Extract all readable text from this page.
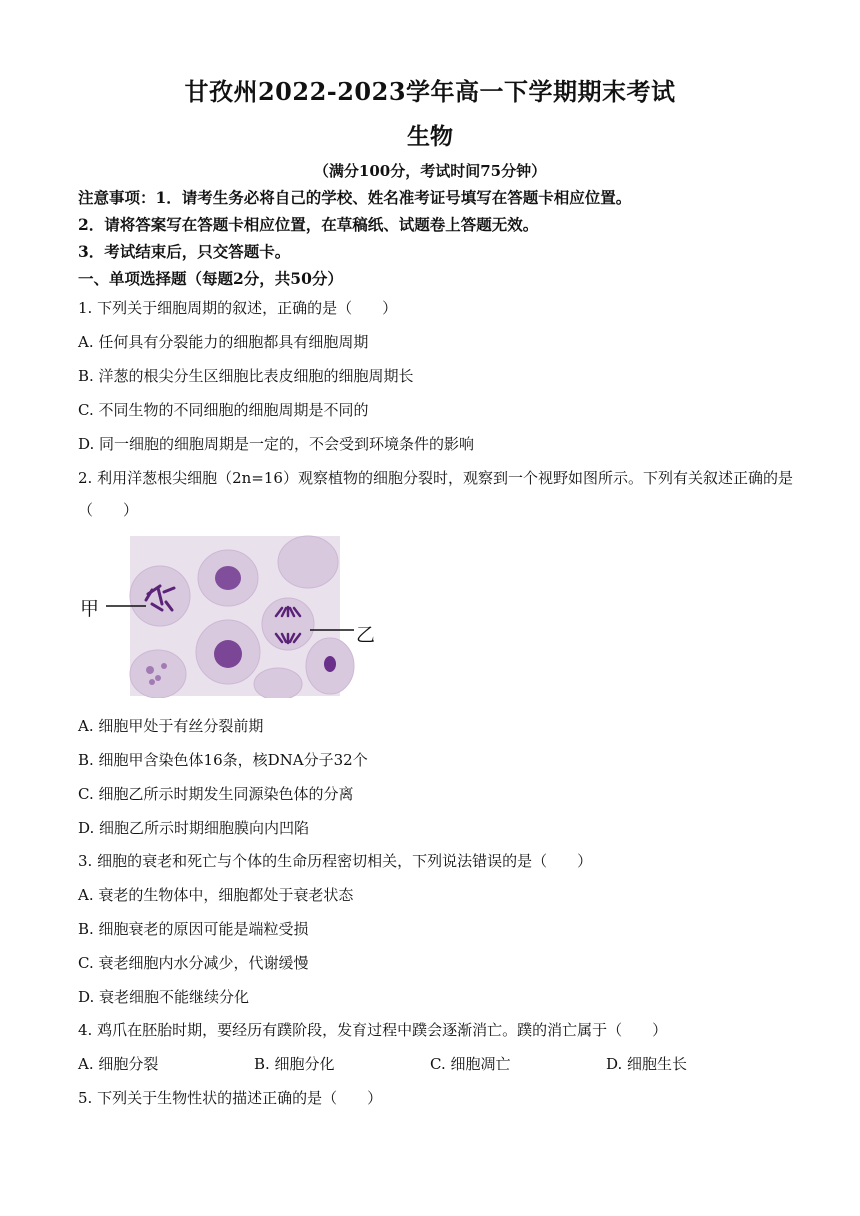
甘孜州2022-2023学年高一下学期期末考试
生物
（满分100分，考试时间75分钟）
注意事项：1．请考生务必将自己的学校、姓名准考证号填写在答题卡相应位置。
2．请将答案写在答题卡相应位置，在草稿纸、试题卷上答题无效。
3．考试结束后，只交答题卡。
一、单项选择题（每题2分，共50分）
1. 下列关于细胞周期的叙述，正确的是（　　）
A. 任何具有分裂能力的细胞都具有细胞周期
B. 洋葱的根尖分生区细胞比表皮细胞的细胞周期长
C. 不同生物的不同细胞的细胞周期是不同的
D. 同一细胞的细胞周期是一定的，不会受到环境条件的影响
2. 利用洋葱根尖细胞（2n=16）观察植物的细胞分裂时，观察到一个视野如图所示。下列有关叙述正确的是
（　　）
甲
乙
A. 细胞甲处于有丝分裂前期
B. 细胞甲含染色体16条，核DNA分子32个
C. 细胞乙所示时期发生同源染色体的分离
D. 细胞乙所示时期细胞膜向内凹陷
3. 细胞的衰老和死亡与个体的生命历程密切相关，下列说法错误的是（　　）
A. 衰老的生物体中，细胞都处于衰老状态
B. 细胞衰老的原因可能是端粒受损
C. 衰老细胞内水分减少，代谢缓慢
D. 衰老细胞不能继续分化
4. 鸡爪在胚胎时期，要经历有蹼阶段，发育过程中蹼会逐渐消亡。蹼的消亡属于（　　）
A. 细胞分裂	B. 细胞分化	C. 细胞凋亡	D. 细胞生长
5. 下列关于生物性状的描述正确的是（　　）
